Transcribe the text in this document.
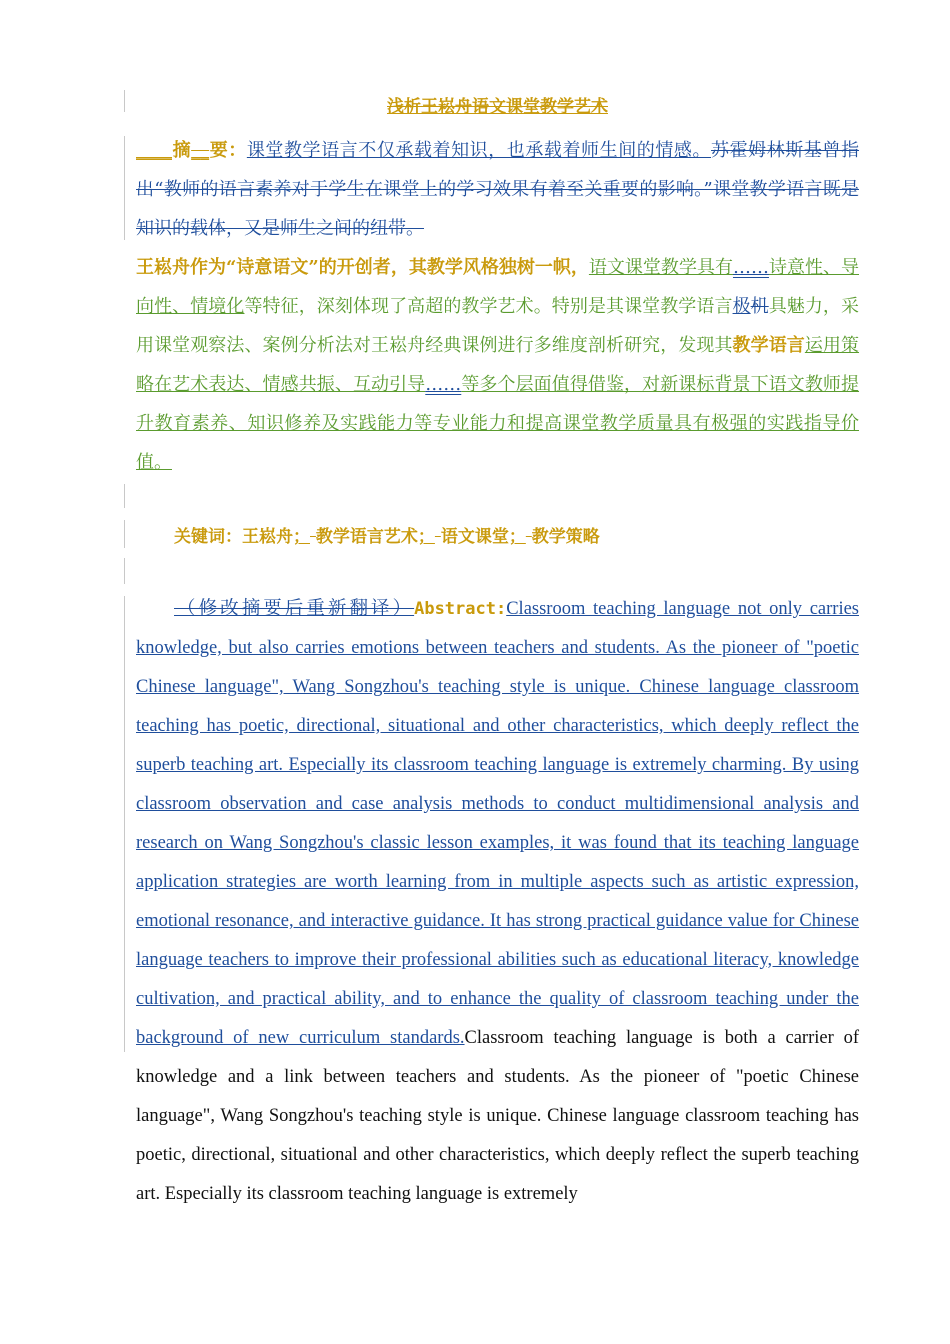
浅析王崧舟语文课堂教学艺术

____摘__要：课堂教学语言不仅承载着知识，也承载着师生间的情感。苏霍姆林斯基曾指出“教师的语言素养对于学生在课堂上的学习效果有着至关重要的影响。”课堂教学语言既是知识的载体，又是师生之间的纽带。
王崧舟作为“诗意语文”的开创者，其教学风格独树一帜，语文课堂教学具有……诗意性、导向性、情境化等特征，深刻体现了高超的教学艺术。特别是其课堂教学语言极机具魅力，采用课堂观察法、案例分析法对王崧舟经典课例进行多维度剖析研究，发现其教学语言运用策略在艺术表达、情感共振、互动引导……等多个层面值得借鉴，对新课标背景下语文教师提升教育素养、知识修养及实践能力等专业能力和提高课堂教学质量具有极强的实践指导价值。

关键词：王崧舟； 教学语言艺术； 语文课堂； 教学策略

（修改摘要后重新翻译）Abstract:Classroom teaching language not only carries knowledge, but also carries emotions between teachers and students. As the pioneer of "poetic Chinese language", Wang Songzhou's teaching style is unique. Chinese language classroom teaching has poetic, directional, situational and other characteristics, which deeply reflect the superb teaching art. Especially its classroom teaching language is extremely charming. By using classroom observation and case analysis methods to conduct multidimensional analysis and research on Wang Songzhou's classic lesson examples, it was found that its teaching language application strategies are worth learning from in multiple aspects such as artistic expression, emotional resonance, and interactive guidance. It has strong practical guidance value for Chinese language teachers to improve their professional abilities such as educational literacy, knowledge cultivation, and practical ability, and to enhance the quality of classroom teaching under the background of new curriculum standards.Classroom teaching language is both a carrier of knowledge and a link between teachers and students. As the pioneer of "poetic Chinese language", Wang Songzhou's teaching style is unique. Chinese language classroom teaching has poetic, directional, situational and other characteristics, which deeply reflect the superb teaching art. Especially its classroom teaching language is extremely
